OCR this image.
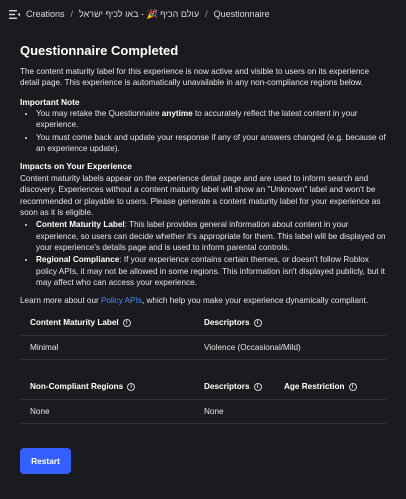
Creations / עולם הכיף 🎉 - באו לכיף ישראל / Questionnaire
Questionnaire Completed

The content maturity label for this experience is now active and visible to users on its experience detail page. This experience is automatically unavailable in any non-compliance regions below.

Important Note
• You may retake the Questionnaire anytime to accurately reflect the latest content in your experience.
• You must come back and update your response if any of your answers changed (e.g. because of an experience update).
Impacts on Your Experience
Content maturity labels appear on the experience detail page and are used to inform search and discovery. Experiences without a content maturity label will show an "Unknown" label and won't be recommended or playable to users. Please generate a content maturity label for your experience as soon as it is eligible.
• Content Maturity Label: This label provides general information about content in your experience, so users can decide whether it's appropriate for them. This label will be displayed on your experience's details page and is used to inform parental controls.
• Regional Compliance: If your experience contains certain themes, or doesn't follow Roblox policy APIs, it may not be allowed in some regions. This information isn't displayed publicly, but it may affect who can access your experience.

Learn more about our Policy APIs, which help you make your experience dynamically compliant.

Content Maturity Label	i	Descriptors	i
Minimal	Violence (Occasional/Mild)
Non-Compliant Regions	i	Descriptors	i	Age Restriction	i
None	None
Restart
